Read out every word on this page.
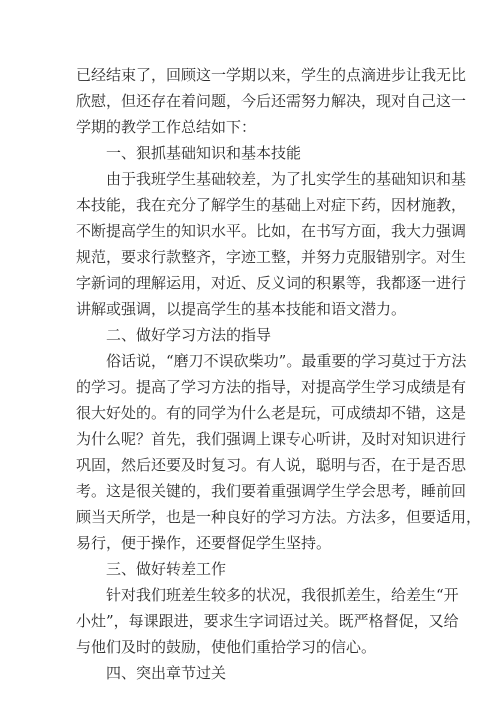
已经结束了，回顾这一学期以来，学生的点滴进步让我无比
欣慰，但还存在着问题，今后还需努力解决，现对自己这一
学期的教学工作总结如下：
一、狠抓基础知识和基本技能
由于我班学生基础较差，为了扎实学生的基础知识和基
本技能，我在充分了解学生的基础上对症下药，因材施教，
不断提高学生的知识水平。比如，在书写方面，我大力强调
规范，要求行款整齐，字迹工整，并努力克服错别字。对生
字新词的理解运用，对近、反义词的积累等，我都逐一进行
讲解或强调，以提高学生的基本技能和语文潜力。
二、做好学习方法的指导
俗话说，“磨刀不误砍柴功”。最重要的学习莫过于方法
的学习。提高了学习方法的指导，对提高学生学习成绩是有
很大好处的。有的同学为什么老是玩，可成绩却不错，这是
为什么呢？首先，我们强调上课专心听讲，及时对知识进行
巩固，然后还要及时复习。有人说，聪明与否，在于是否思
考。这是很关键的，我们要着重强调学生学会思考，睡前回
顾当天所学，也是一种良好的学习方法。方法多，但要适用，
易行，便于操作，还要督促学生坚持。
三、做好转差工作
针对我们班差生较多的状况，我很抓差生，给差生“开
小灶”，每课跟进，要求生字词语过关。既严格督促，又给
与他们及时的鼓励，使他们重拾学习的信心。
四、突出章节过关
